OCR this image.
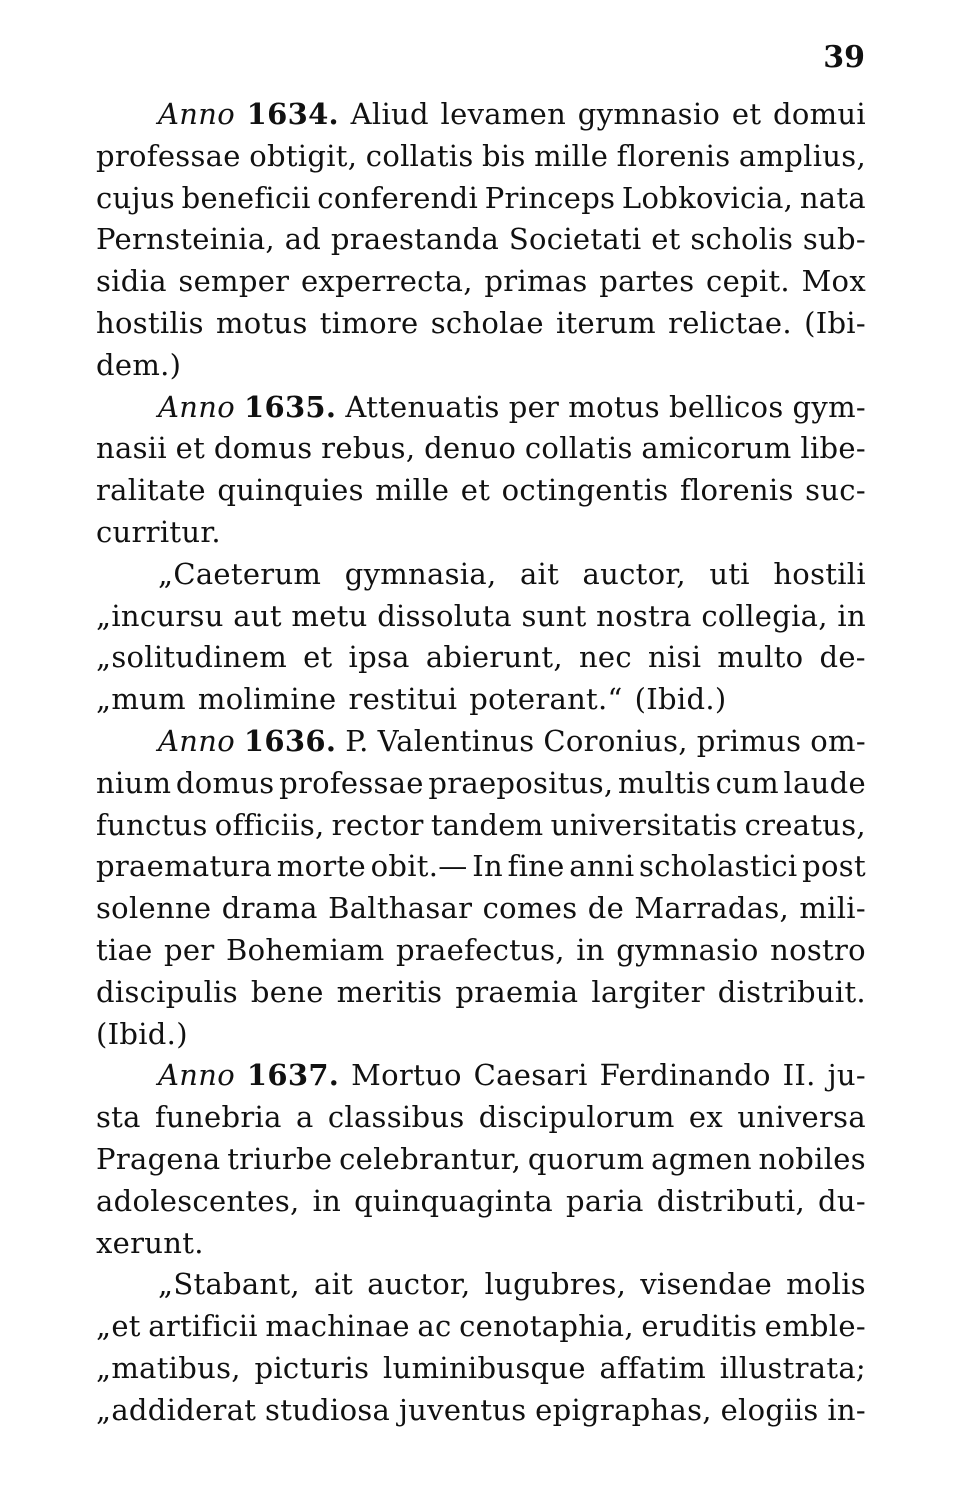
39
Anno 1634. Aliud levamen gymnasio et domui
professae obtigit, collatis bis mille florenis amplius,
cujus beneficii conferendi Princeps Lobkovicia, nata
Pernsteinia, ad praestanda Societati et scholis sub-
sidia semper experrecta, primas partes cepit. Mox
hostilis motus timore scholae iterum relictae. (Ibi-
dem.)
Anno 1635. Attenuatis per motus bellicos gym-
nasii et domus rebus, denuo collatis amicorum libe-
ralitate quinquies mille et octingentis florenis suc-
curritur.
„Caeterum gymnasia, ait auctor, uti hostili
„incursu aut metu dissoluta sunt nostra collegia, in
„solitudinem et ipsa abierunt, nec nisi multo de-
„mum molimine restitui poterant.“ (Ibid.)
Anno 1636. P. Valentinus Coronius, primus om-
nium domus professae praepositus, multis cum laude
functus officiis, rector tandem universitatis creatus,
praematura morte obit.— In fine anni scholastici post
solenne drama Balthasar comes de Marradas, mili-
tiae per Bohemiam praefectus, in gymnasio nostro
discipulis bene meritis praemia largiter distribuit.
(Ibid.)
Anno 1637. Mortuo Caesari Ferdinando II. ju-
sta funebria a classibus discipulorum ex universa
Pragena triurbe celebrantur, quorum agmen nobiles
adolescentes, in quinquaginta paria distributi, du-
xerunt.
„Stabant, ait auctor, lugubres, visendae molis
„et artificii machinae ac cenotaphia, eruditis emble-
„matibus, picturis luminibusque affatim illustrata;
„addiderat studiosa juventus epigraphas, elogiis in-
